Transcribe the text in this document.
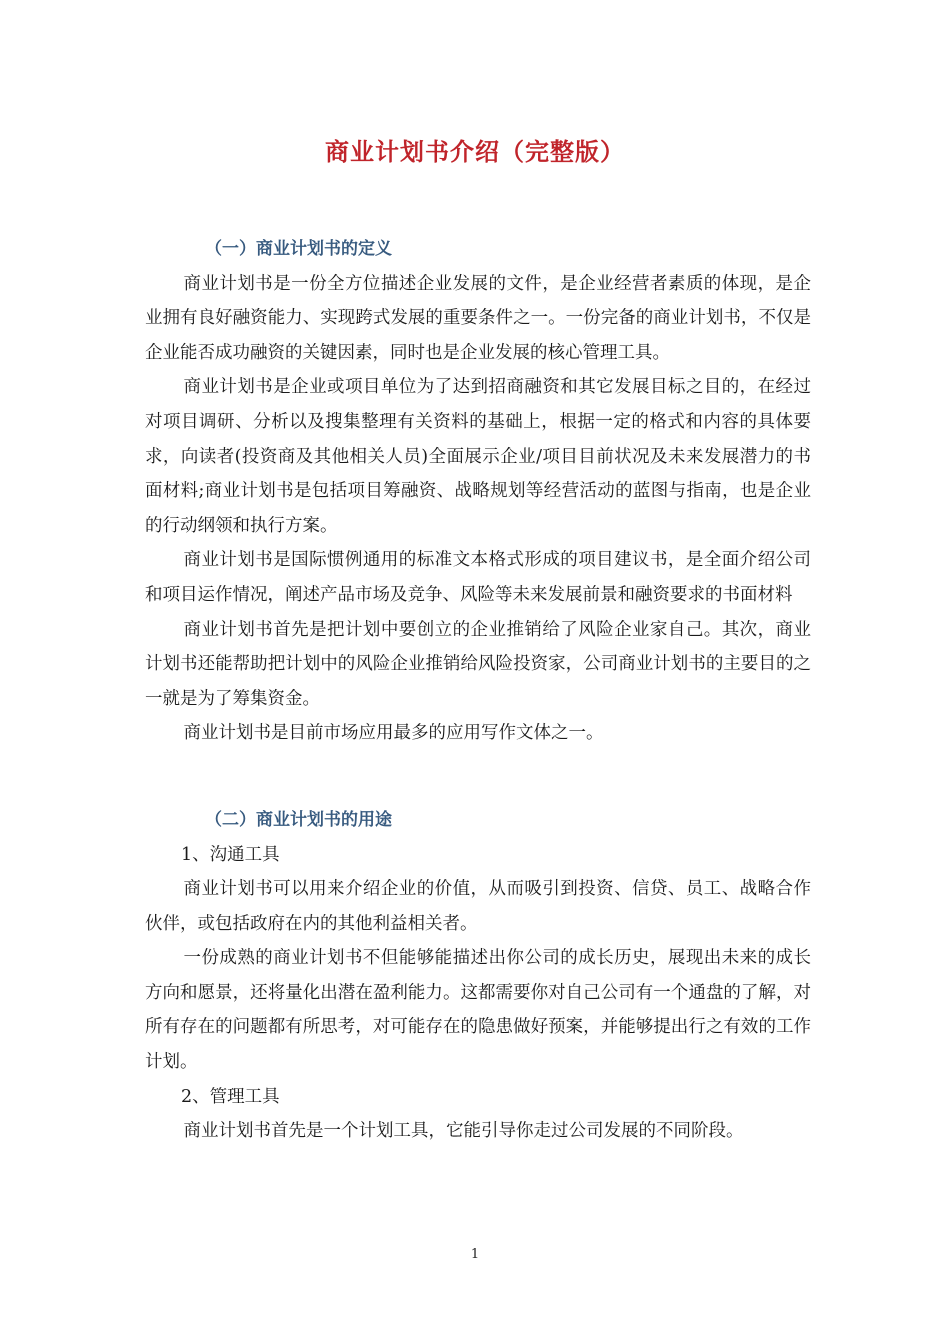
商业计划书介绍（完整版）
（一）商业计划书的定义

商业计划书是一份全方位描述企业发展的文件，是企业经营者素质的体现，是企业拥有良好融资能力、实现跨式发展的重要条件之一。一份完备的商业计划书，不仅是企业能否成功融资的关键因素，同时也是企业发展的核心管理工具。

商业计划书是企业或项目单位为了达到招商融资和其它发展目标之目的，在经过对项目调研、分析以及搜集整理有关资料的基础上，根据一定的格式和内容的具体要求，向读者(投资商及其他相关人员)全面展示企业/项目目前状况及未来发展潜力的书面材料;商业计划书是包括项目筹融资、战略规划等经营活动的蓝图与指南，也是企业的行动纲领和执行方案。

商业计划书是国际惯例通用的标准文本格式形成的项目建议书，是全面介绍公司和项目运作情况，阐述产品市场及竞争、风险等未来发展前景和融资要求的书面材料

商业计划书首先是把计划中要创立的企业推销给了风险企业家自己。其次，商业计划书还能帮助把计划中的风险企业推销给风险投资家，公司商业计划书的主要目的之一就是为了筹集资金。

商业计划书是目前市场应用最多的应用写作文体之一。

（二）商业计划书的用途

1、沟通工具

商业计划书可以用来介绍企业的价值，从而吸引到投资、信贷、员工、战略合作伙伴，或包括政府在内的其他利益相关者。

一份成熟的商业计划书不但能够能描述出你公司的成长历史，展现出未来的成长方向和愿景，还将量化出潜在盈利能力。这都需要你对自己公司有一个通盘的了解，对所有存在的问题都有所思考，对可能存在的隐患做好预案，并能够提出行之有效的工作计划。

2、管理工具

商业计划书首先是一个计划工具，它能引导你走过公司发展的不同阶段。

1
